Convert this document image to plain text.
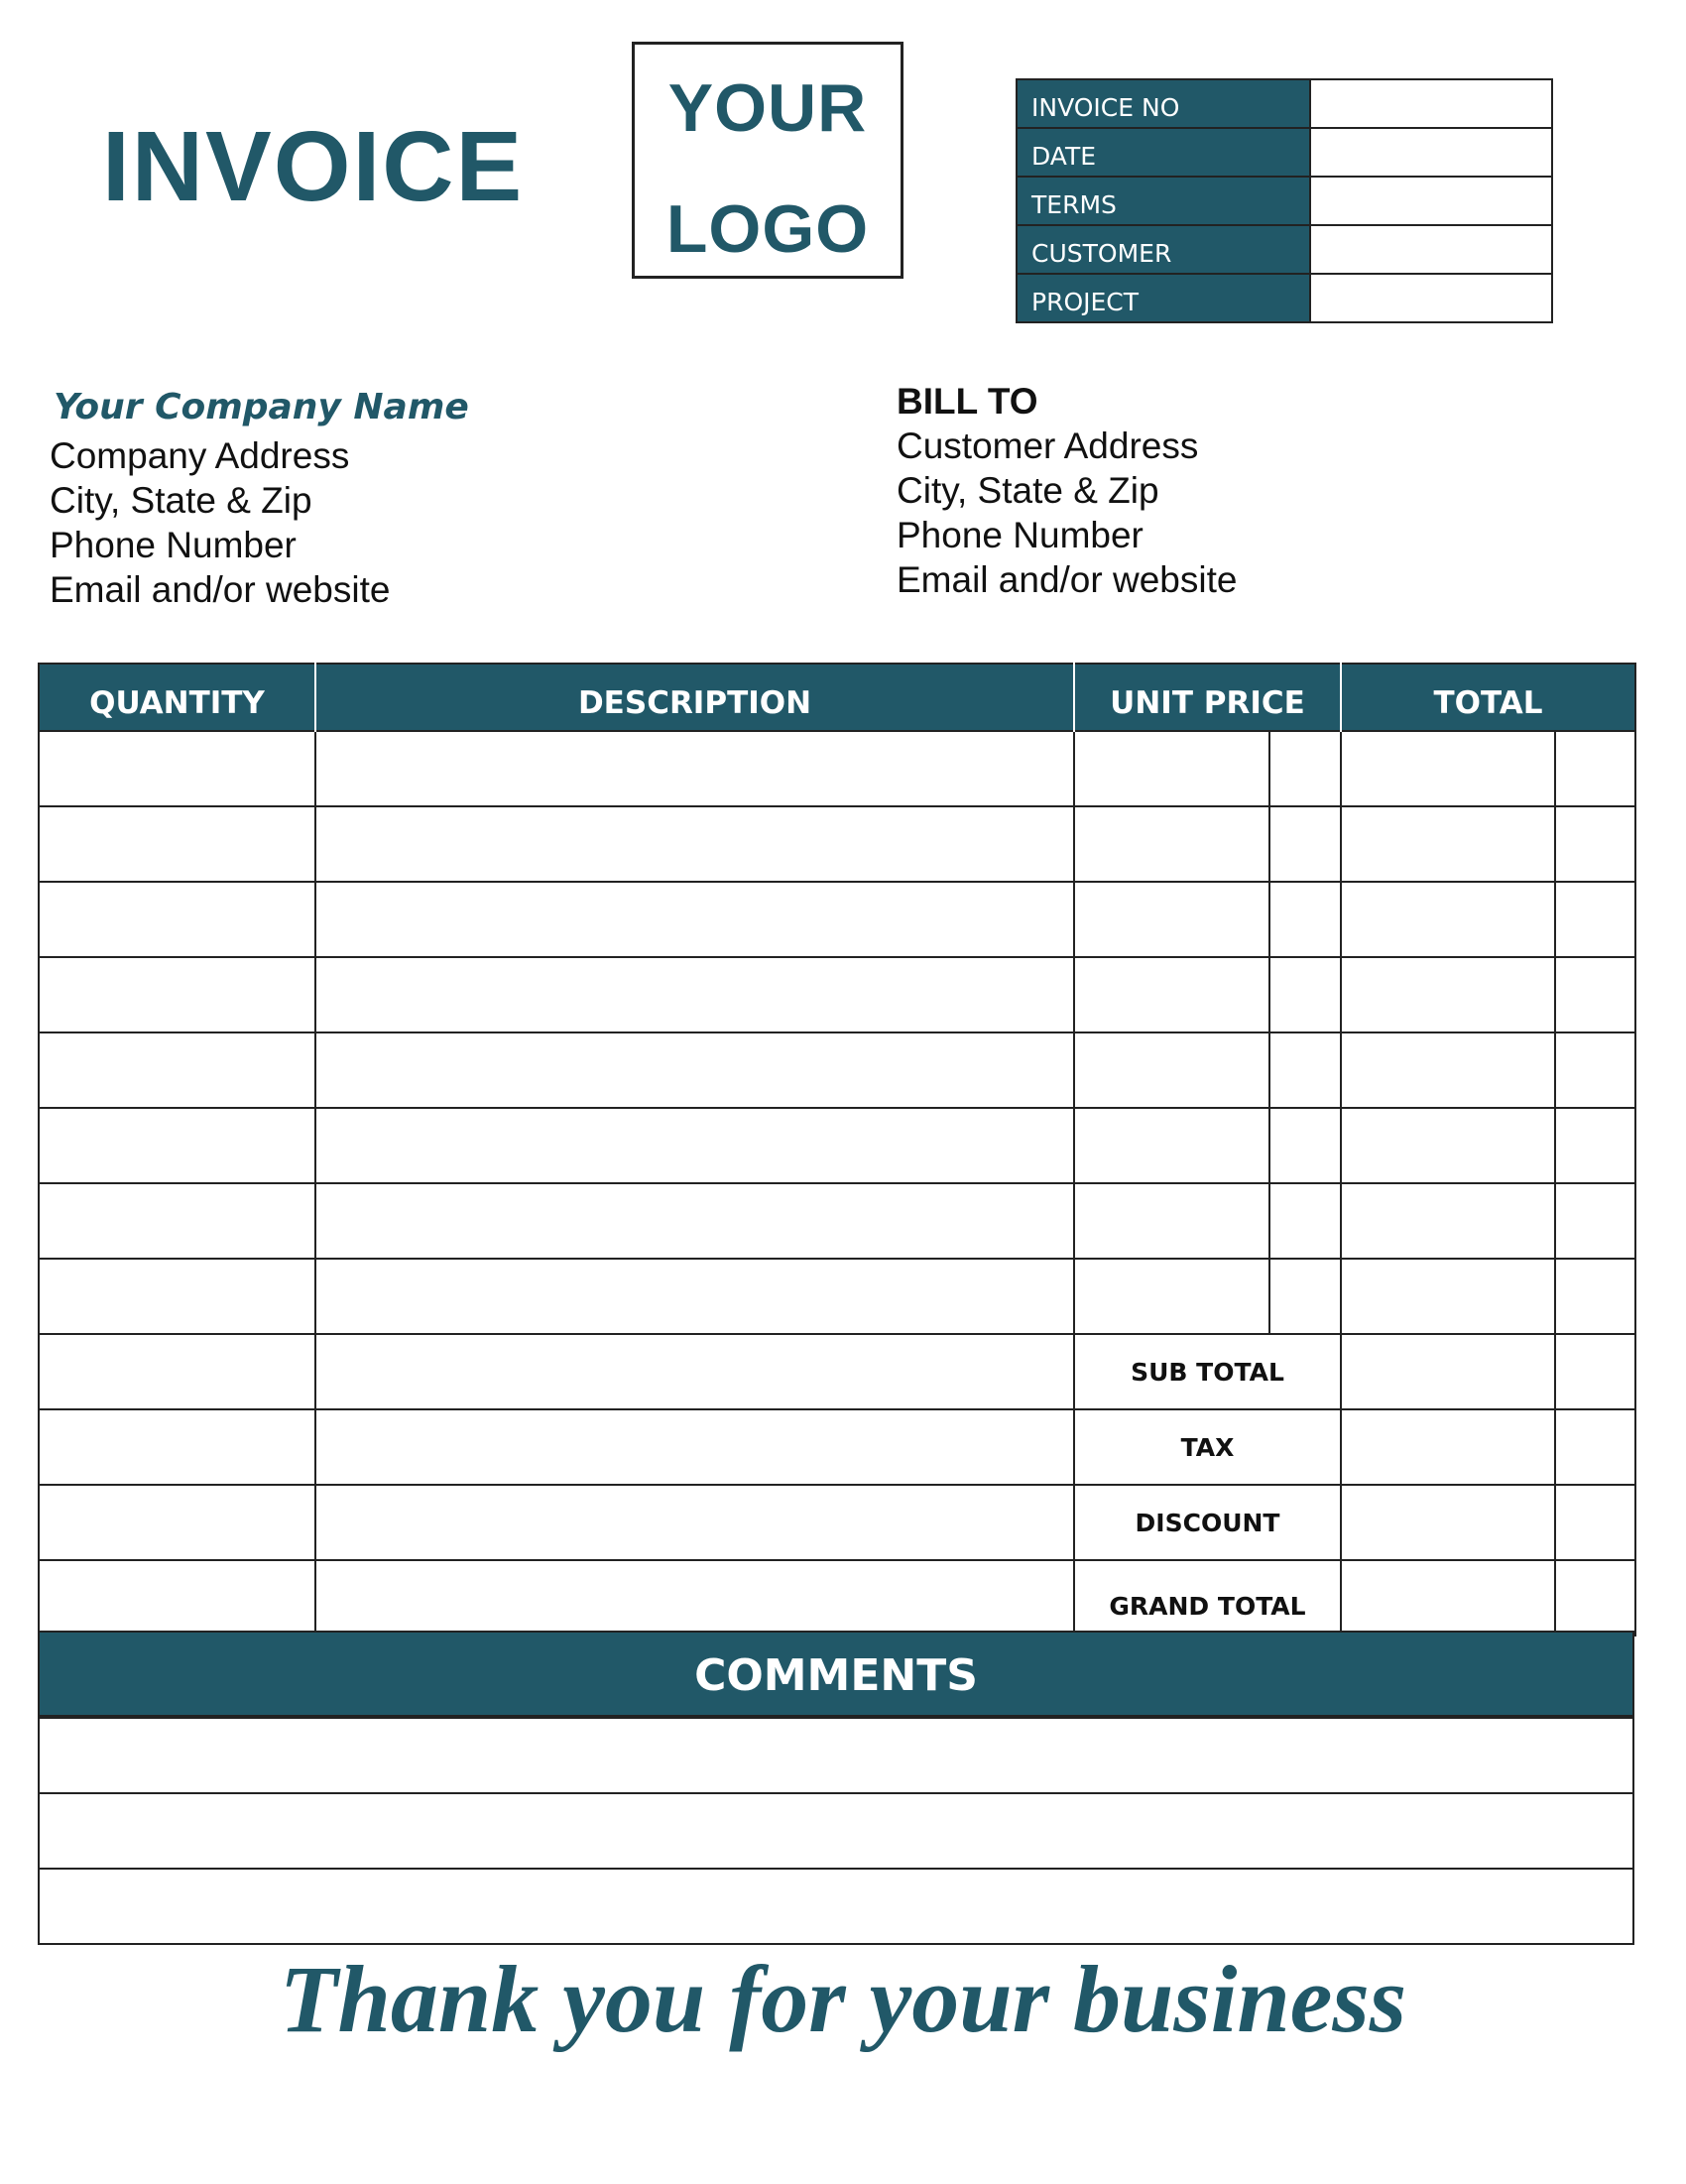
INVOICE
YOUR
LOGO
INVOICE NO	
DATE	
TERMS	
CUSTOMER	
PROJECT	
Your Company Name
Company Address
City, State & Zip
Phone Number
Email and/or website
BILL TO
Customer Address
City, State & Zip
Phone Number
Email and/or website
QUANTITY	DESCRIPTION	UNIT PRICE		TOTAL	

		SUB TOTAL			
		TAX			
		DISCOUNT			
		GRAND TOTAL			
COMMENTS

Thank you for your business
